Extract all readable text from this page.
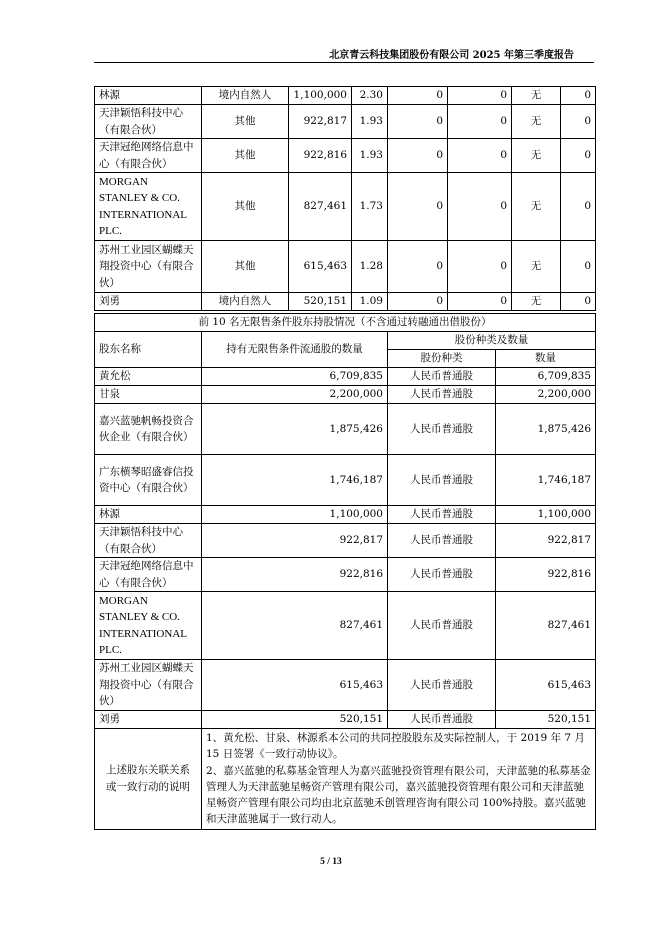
北京青云科技集团股份有限公司 2025 年第三季度报告
林源	境内自然人	1,100,000	2.30	0	0	无	0
天津颖悟科技中心（有限合伙）	其他	922,817	1.93	0	0	无	0
天津冠绝网络信息中心（有限合伙）	其他	922,816	1.93	0	0	无	0
MORGAN STANLEY & CO. INTERNATIONAL PLC.	其他	827,461	1.73	0	0	无	0
苏州工业园区蝴蝶天翔投资中心（有限合伙）	其他	615,463	1.28	0	0	无	0
刘勇	境内自然人	520,151	1.09	0	0	无	0
前 10 名无限售条件股东持股情况（不含通过转融通出借股份）			
股东名称	持有无限售条件流通股的数量	股份种类及数量	
		股份种类	数量
黄允松	6,709,835	人民币普通股	6,709,835
甘泉	2,200,000	人民币普通股	2,200,000
嘉兴蓝驰帆畅投资合伙企业（有限合伙）	1,875,426	人民币普通股	1,875,426
广东横琴昭盛睿信投资中心（有限合伙）	1,746,187	人民币普通股	1,746,187
林源	1,100,000	人民币普通股	1,100,000
天津颖悟科技中心（有限合伙）	922,817	人民币普通股	922,817
天津冠绝网络信息中心（有限合伙）	922,816	人民币普通股	922,816
MORGAN STANLEY & CO. INTERNATIONAL PLC.	827,461	人民币普通股	827,461
苏州工业园区蝴蝶天翔投资中心（有限合伙）	615,463	人民币普通股	615,463
刘勇	520,151	人民币普通股	520,151
上述股东关联关系或一致行动的说明	1、黄允松、甘泉、林源系本公司的共同控股股东及实际控制人，于 2019 年 7 月 15 日签署《一致行动协议》。
2、嘉兴蓝驰的私募基金管理人为嘉兴蓝驰投资管理有限公司，天津蓝驰的私募基金管理人为天津蓝驰星畅资产管理有限公司，嘉兴蓝驰投资管理有限公司和天津蓝驰星畅资产管理有限公司均由北京蓝驰禾创管理咨询有限公司 100%持股。嘉兴蓝驰和天津蓝驰属于一致行动人。		
5 / 13
